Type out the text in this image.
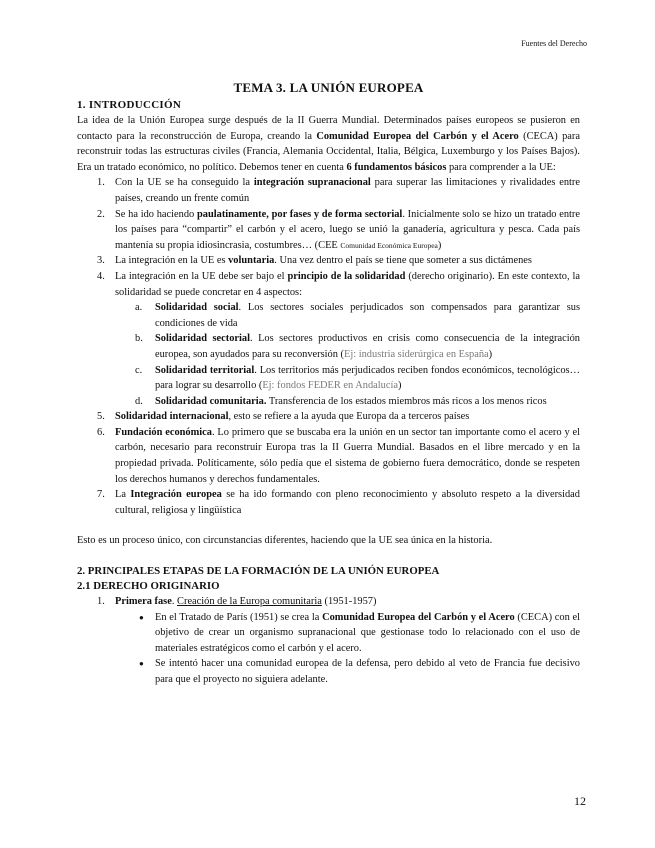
Fuentes del Derecho
TEMA 3. LA UNIÓN EUROPEA
1. INTRODUCCIÓN

La idea de la Unión Europea surge después de la II Guerra Mundial. Determinados países europeos se pusieron en contacto para la reconstrucción de Europa, creando la Comunidad Europea del Carbón y el Acero (CECA) para reconstruir todas las estructuras civiles (Francia, Alemania Occidental, Italia, Bélgica, Luxemburgo y los Países Bajos). Era un tratado económico, no político. Debemos tener en cuenta 6 fundamentos básicos para comprender a la UE:

1. Con la UE se ha conseguido la integración supranacional para superar las limitaciones y rivalidades entre países, creando un frente común
2. Se ha ido haciendo paulatinamente, por fases y de forma sectorial. Inicialmente solo se hizo un tratado entre los países para “compartir” el carbón y el acero, luego se unió la ganadería, agricultura y pesca. Cada país mantenía su propia idiosincrasia, costumbres… (CEE Comunidad Económica Europea)
3. La integración en la UE es voluntaria. Una vez dentro el país se tiene que someter a sus dictámenes
4. La integración en la UE debe ser bajo el principio de la solidaridad (derecho originario). En este contexto, la solidaridad se puede concretar en 4 aspectos:
a. Solidaridad social. Los sectores sociales perjudicados son compensados para garantizar sus condiciones de vida
b. Solidaridad sectorial. Los sectores productivos en crisis como consecuencia de la integración europea, son ayudados para su reconversión (Ej: industria siderúrgica en España)
c. Solidaridad territorial. Los territorios más perjudicados reciben fondos económicos, tecnológicos… para lograr su desarrollo (Ej: fondos FEDER en Andalucía)
d. Solidaridad comunitaria. Transferencia de los estados miembros más ricos a los menos ricos
5. Solidaridad internacional, esto se refiere a la ayuda que Europa da a terceros países
6. Fundación económica. Lo primero que se buscaba era la unión en un sector tan importante como el acero y el carbón, necesario para reconstruir Europa tras la II Guerra Mundial. Basados en el libre mercado y en la propiedad privada. Políticamente, sólo pedía que el sistema de gobierno fuera democrático, donde se respeten los derechos humanos y derechos fundamentales.
7. La Integración europea se ha ido formando con pleno reconocimiento y absoluto respeto a la diversidad cultural, religiosa y lingüística

Esto es un proceso único, con circunstancias diferentes, haciendo que la UE sea única en la historia.

2. PRINCIPALES ETAPAS DE LA FORMACIÓN DE LA UNIÓN EUROPEA
2.1 DERECHO ORIGINARIO
1. Primera fase. Creación de la Europa comunitaria (1951-1957)
● En el Tratado de París (1951) se crea la Comunidad Europea del Carbón y el Acero (CECA) con el objetivo de crear un organismo supranacional que gestionase todo lo relacionado con el uso de materiales estratégicos como el carbón y el acero.
● Se intentó hacer una comunidad europea de la defensa, pero debido al veto de Francia fue decisivo para que el proyecto no siguiera adelante.
12
